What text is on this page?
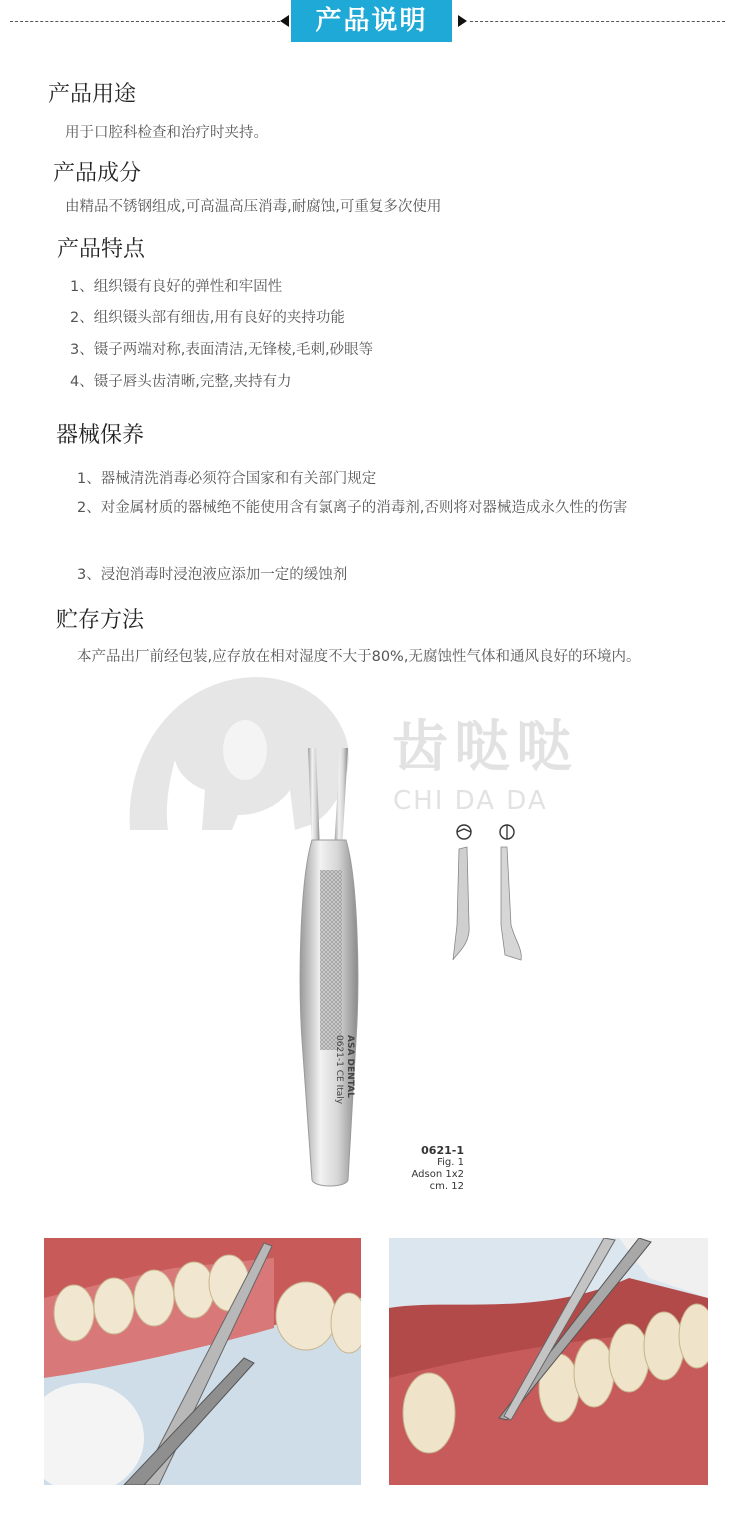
产品说明
产品用途
用于口腔科检查和治疗时夹持。
产品成分
由精品不锈钢组成,可高温高压消毒,耐腐蚀,可重复多次使用
产品特点
1、组织镊有良好的弹性和牢固性
2、组织镊头部有细齿,用有良好的夹持功能
3、镊子两端对称,表面清洁,无锋棱,毛刺,砂眼等
4、镊子唇头齿清晰,完整,夹持有力
器械保养
1、器械清洗消毒必须符合国家和有关部门规定
2、对金属材质的器械绝不能使用含有氯离子的消毒剂,否则将对器械造成永久性的伤害
3、浸泡消毒时浸泡液应添加一定的缓蚀剂
贮存方法
本产品出厂前经包装,应存放在相对湿度不大于80%,无腐蚀性气体和通风良好的环境内。
齿哒哒
CHI DA DA
ASA DENTAL
0621-1 CE Italy
0621-1
Fig. 1
Adson 1x2
cm. 12
